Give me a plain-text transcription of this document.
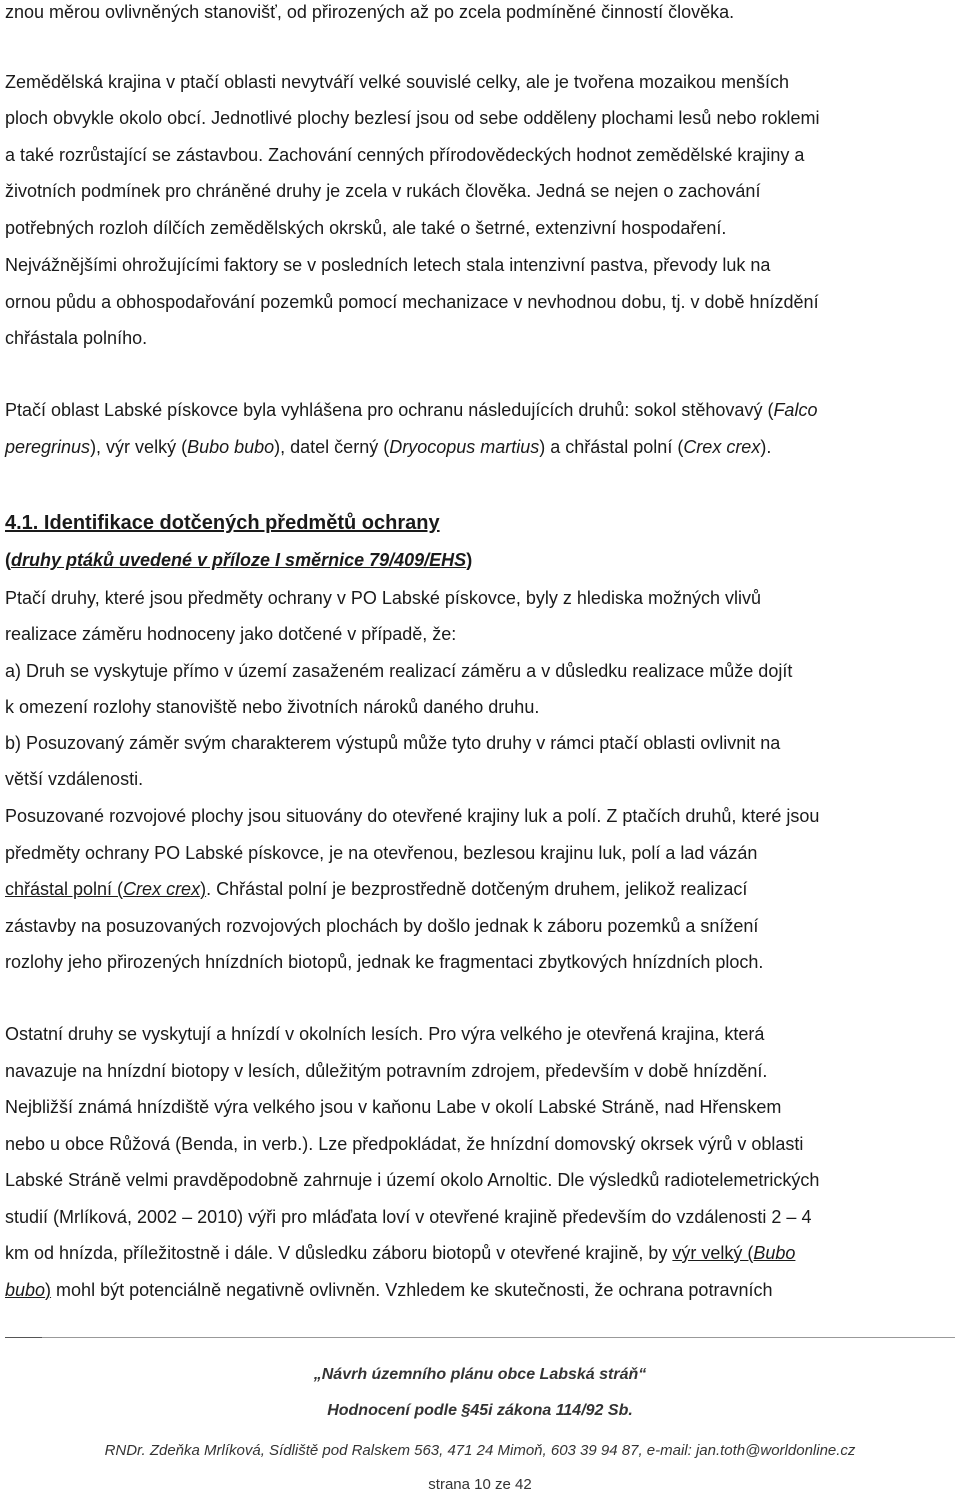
znou měrou ovlivněných stanovišť, od přirozených až po zcela podmíněné činností člověka.

Zemědělská krajina v ptačí oblasti nevytváří velké souvislé celky, ale je tvořena mozaikou menších

ploch obvykle okolo obcí. Jednotlivé plochy bezlesí jsou od sebe odděleny plochami lesů nebo roklemi

a také rozrůstající se zástavbou. Zachování cenných přírodovědeckých hodnot zemědělské krajiny a

životních podmínek pro chráněné druhy je zcela v rukách člověka. Jedná se nejen o zachování

potřebných rozloh dílčích zemědělských okrsků, ale také o šetrné, extenzivní hospodaření.

Nejvážnějšími ohrožujícími faktory se v posledních letech stala intenzivní pastva, převody luk na

ornou půdu a obhospodařování pozemků pomocí mechanizace v nevhodnou dobu, tj. v době hnízdění

chřástala polního.

Ptačí oblast Labské pískovce byla vyhlášena pro ochranu následujících druhů: sokol stěhovavý (Falco

peregrinus), výr velký (Bubo bubo), datel černý (Dryocopus martius) a chřástal polní (Crex crex).

4.1. Identifikace dotčených předmětů ochrany

(druhy ptáků uvedené v příloze I směrnice 79/409/EHS)

Ptačí druhy, které jsou předměty ochrany v PO Labské pískovce, byly z hlediska možných vlivů

realizace záměru hodnoceny jako dotčené v případě, že:

a) Druh se vyskytuje přímo v území zasaženém realizací záměru a v důsledku realizace může dojít

k omezení rozlohy stanoviště nebo životních nároků daného druhu.

b) Posuzovaný záměr svým charakterem výstupů může tyto druhy v rámci ptačí oblasti ovlivnit na

větší vzdálenosti.

Posuzované rozvojové plochy jsou situovány do otevřené krajiny luk a polí. Z ptačích druhů, které jsou

předměty ochrany PO Labské pískovce, je na otevřenou, bezlesou krajinu luk, polí a lad vázán

chřástal polní (Crex crex). Chřástal polní je bezprostředně dotčeným druhem, jelikož realizací

zástavby na posuzovaných rozvojových plochách by došlo jednak k záboru pozemků a snížení

rozlohy jeho přirozených hnízdních biotopů, jednak ke fragmentaci zbytkových hnízdních ploch.

Ostatní druhy se vyskytují a hnízdí v okolních lesích. Pro výra velkého je otevřená krajina, která

navazuje na hnízdní biotopy v lesích, důležitým potravním zdrojem, především v době hnízdění.

Nejbližší známá hnízdiště výra velkého jsou v kaňonu Labe v okolí Labské Stráně, nad Hřenskem

nebo u obce Růžová (Benda, in verb.). Lze předpokládat, že hnízdní domovský okrsek výrů v oblasti

Labské Stráně velmi pravděpodobně zahrnuje i území okolo Arnoltic. Dle výsledků radiotelemetrických

studií (Mrlíková, 2002 – 2010) výři pro mláďata loví v otevřené krajině především do vzdálenosti 2 – 4

km od hnízda, příležitostně i dále. V důsledku záboru biotopů v otevřené krajině, by výr velký (Bubo

bubo) mohl být potenciálně negativně ovlivněn. Vzhledem ke skutečnosti, že ochrana potravních

„Návrh územního plánu obce Labská stráň“

Hodnocení podle §45i zákona 114/92 Sb.

RNDr. Zdeňka Mrlíková, Sídliště pod Ralskem 563, 471 24 Mimoň, 603 39 94 87, e-mail: jan.toth@worldonline.cz

strana 10 ze 42
